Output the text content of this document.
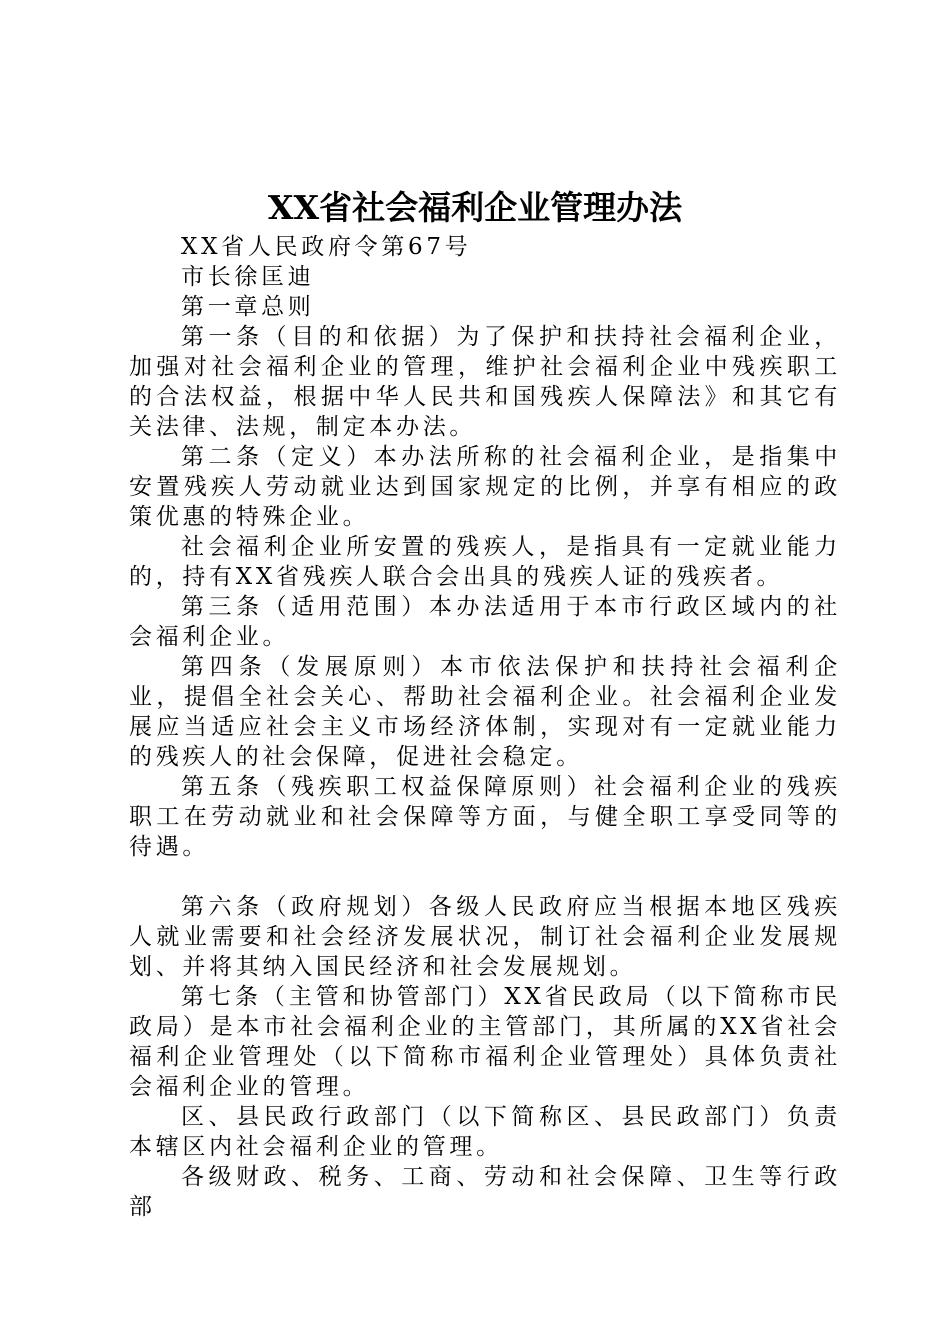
XX省社会福利企业管理办法

XX省人民政府令第67号

市长徐匡迪

第一章总则

第一条（目的和依据）为了保护和扶持社会福利企业，加强对社会福利企业的管理，维护社会福利企业中残疾职工的合法权益，根据中华人民共和国残疾人保障法》和其它有关法律、法规，制定本办法。

第二条（定义）本办法所称的社会福利企业，是指集中安置残疾人劳动就业达到国家规定的比例，并享有相应的政策优惠的特殊企业。

社会福利企业所安置的残疾人，是指具有一定就业能力的，持有XX省残疾人联合会出具的残疾人证的残疾者。

第三条（适用范围）本办法适用于本市行政区域内的社会福利企业。

第四条（发展原则）本市依法保护和扶持社会福利企业，提倡全社会关心、帮助社会福利企业。社会福利企业发展应当适应社会主义市场经济体制，实现对有一定就业能力的残疾人的社会保障，促进社会稳定。

第五条（残疾职工权益保障原则）社会福利企业的残疾职工在劳动就业和社会保障等方面，与健全职工享受同等的待遇。

第六条（政府规划）各级人民政府应当根据本地区残疾人就业需要和社会经济发展状况，制订社会福利企业发展规划、并将其纳入国民经济和社会发展规划。

第七条（主管和协管部门）XX省民政局（以下简称市民政局）是本市社会福利企业的主管部门，其所属的XX省社会福利企业管理处（以下简称市福利企业管理处）具体负责社会福利企业的管理。

区、县民政行政部门（以下简称区、县民政部门）负责本辖区内社会福利企业的管理。

各级财政、税务、工商、劳动和社会保障、卫生等行政部
